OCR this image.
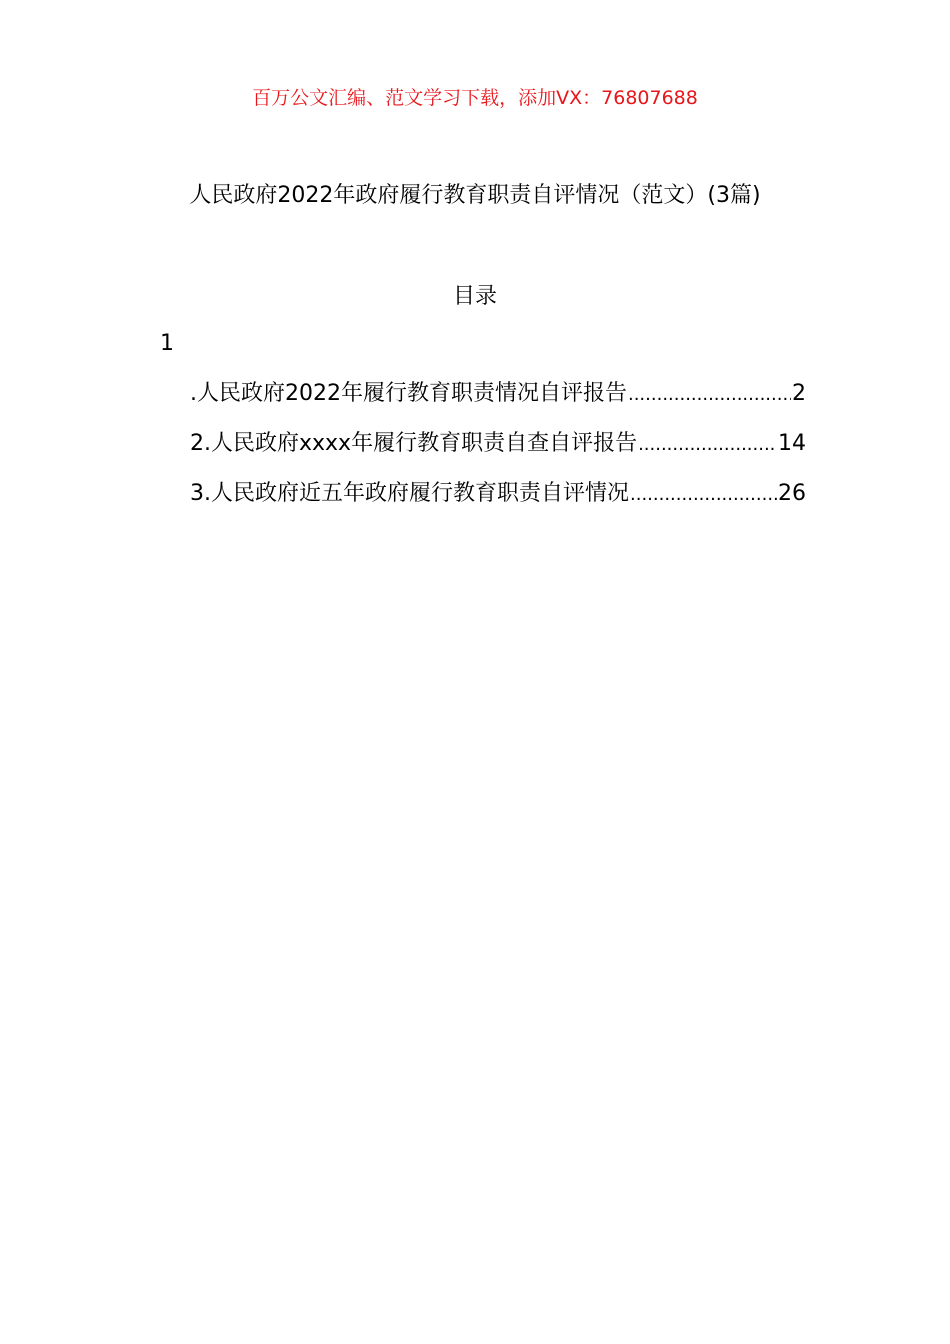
百万公文汇编、范文学习下载，添加VX：76807688
人民政府2022年政府履行教育职责自评情况（范文）(3篇)
目录
1
.人民政府2022年履行教育职责情况自评报告 .....	2
2.人民政府xxxx年履行教育职责自查自评报告 .....	14
3.人民政府近五年政府履行教育职责自评情况 .....	26
